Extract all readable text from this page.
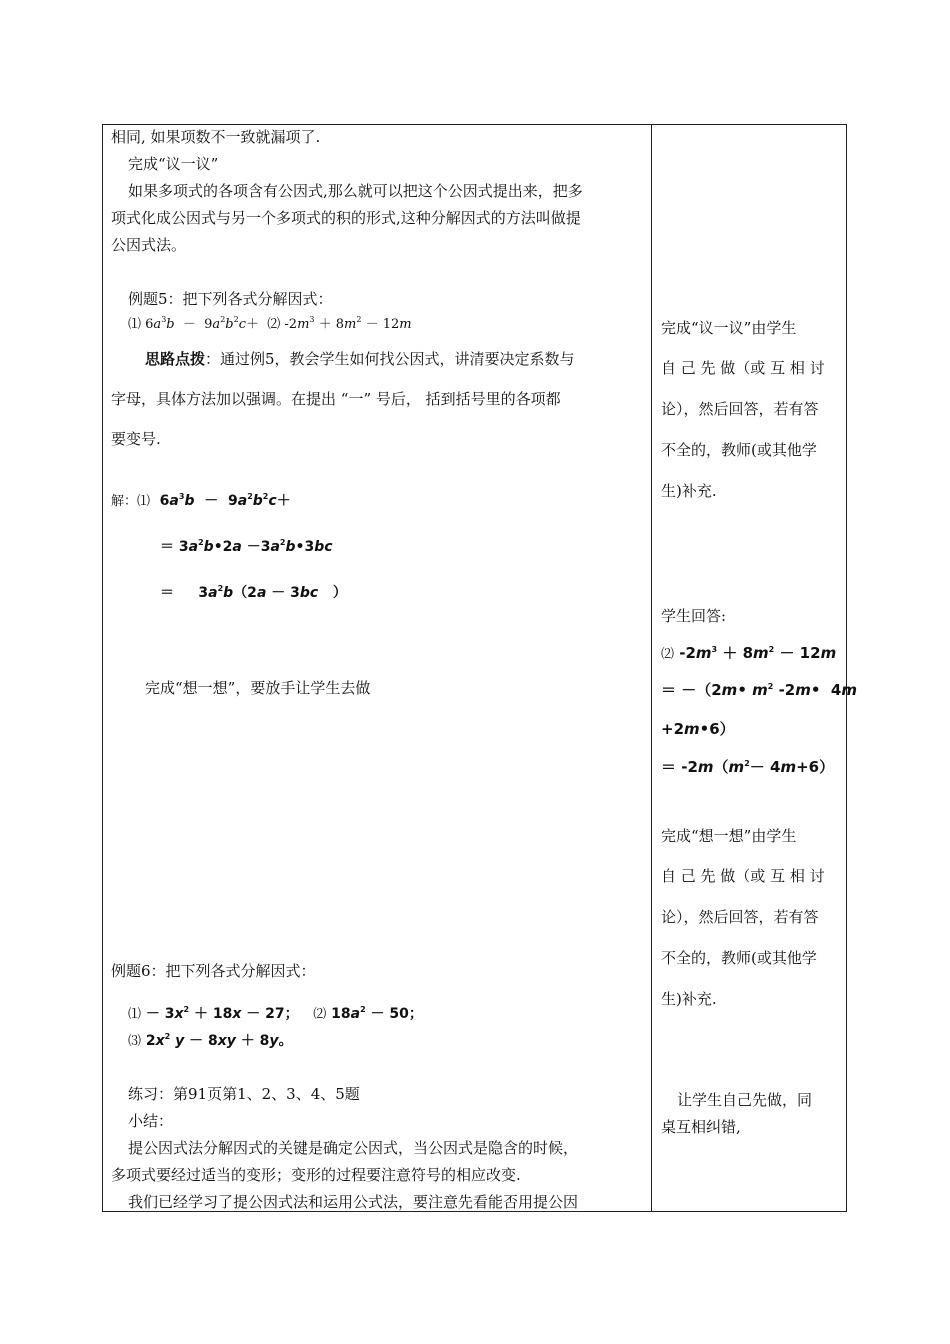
相同, 如果项数不一致就漏项了.
完成“议一议”
如果多项式的各项含有公因式,那么就可以把这个公因式提出来，把多
项式化成公因式与另一个多项式的积的形式,这种分解因式的方法叫做提
公因式法。
例题5：把下列各式分解因式：
⑴ $6a^3b - 9a^2b^2c+$  ⑵ $-2m^3 + 8m^2 - 12m$
思路点拨：通过例5，教会学生如何找公因式，讲清要决定系数与
字母，具体方法加以强调。在提出 “一” 号后， 括到括号里的各项都
要变号.
解：⑴  $6a^3b - 9a^2b^2c+$
＝ $3a^2b•2a$ $-3a^2b•3bc$
＝     $3a^2b(2a - 3bc$   ）
完成“想一想”，要放手让学生去做
例题6：把下列各式分解因式：
⑴ － $3x^2 + 18x - 27$；   ⑵ $18a^2 - 50$；
⑶ $2x^2$ y － 8xy ＋ 8y。
练习：第91页第1、2、3、4、5题
小结：
提公因式法分解因式的关键是确定公因式，当公因式是隐含的时候，
多项式要经过适当的变形；变形的过程要注意符号的相应改变.
我们已经学习了提公因式法和运用公式法，要注意先看能否用提公因
完成“议一议”由学生
自 己 先 做（或 互 相 讨
论），然后回答，若有答
不全的，教师(或其他学
生)补充.
学生回答:
⑵ $-2m^3 + 8m^2 - 12m$
＝ －（2m• $m^2$ -2m•  4m
+2m•6）
＝ $-2m(m^2- 4m+6)$
完成“想一想”由学生
自 己 先 做（或 互 相 讨
论），然后回答，若有答
不全的，教师(或其他学
生)补充.
让学生自己先做，同
桌互相纠错,
